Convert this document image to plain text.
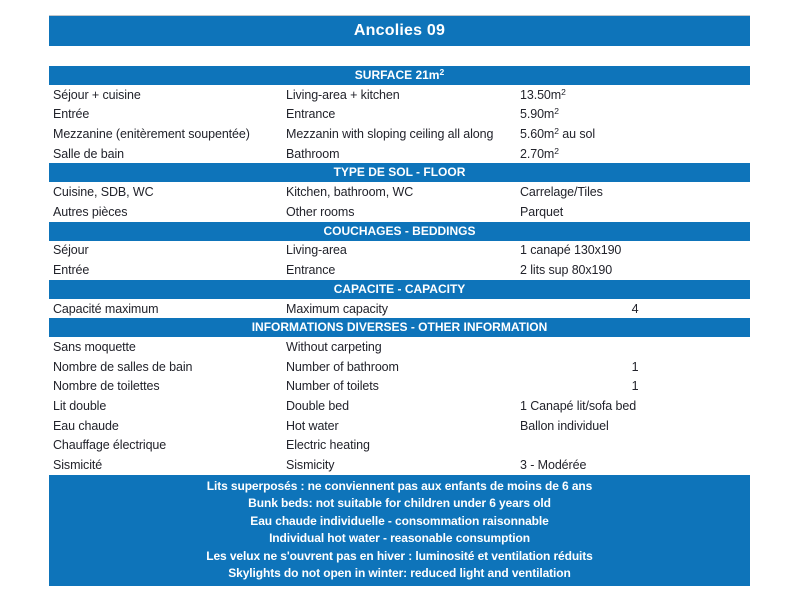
Ancolies 09
SURFACE $21m^2$
Séjour + cuisine	Living-area + kitchen	$13.50m^2$
Entrée	Entrance	$5.90m^2$
Mezzanine (enitèrement soupentée)	Mezzanin with sloping ceiling all along	$5.60m^2$ au sol
Salle de bain	Bathroom	$2.70m^2$
TYPE DE SOL - FLOOR
Cuisine, SDB, WC	Kitchen, bathroom, WC	Carrelage/Tiles
Autres pièces	Other rooms	Parquet
COUCHAGES - BEDDINGS
Séjour	Living-area	1 canapé 130x190
Entrée	Entrance	2 lits sup 80x190
CAPACITE - CAPACITY
Capacité maximum	Maximum capacity	4
INFORMATIONS DIVERSES - OTHER INFORMATION
Sans moquette	Without carpeting
Nombre de salles de bain	Number of bathroom	1
Nombre de toilettes	Number of toilets	1
Lit double	Double bed	1 Canapé lit/sofa bed
Eau chaude	Hot water	Ballon individuel
Chauffage électrique	Electric heating
Sismicité	Sismicity	3 - Modérée
Lits superposés : ne conviennent pas aux enfants de moins de 6 ans
Bunk beds: not suitable for children under 6 years old
Eau chaude individuelle - consommation raisonnable
Individual hot water - reasonable consumption
Les velux ne s'ouvrent pas en hiver : luminosité et ventilation réduits
Skylights do not open in winter: reduced light and ventilation
